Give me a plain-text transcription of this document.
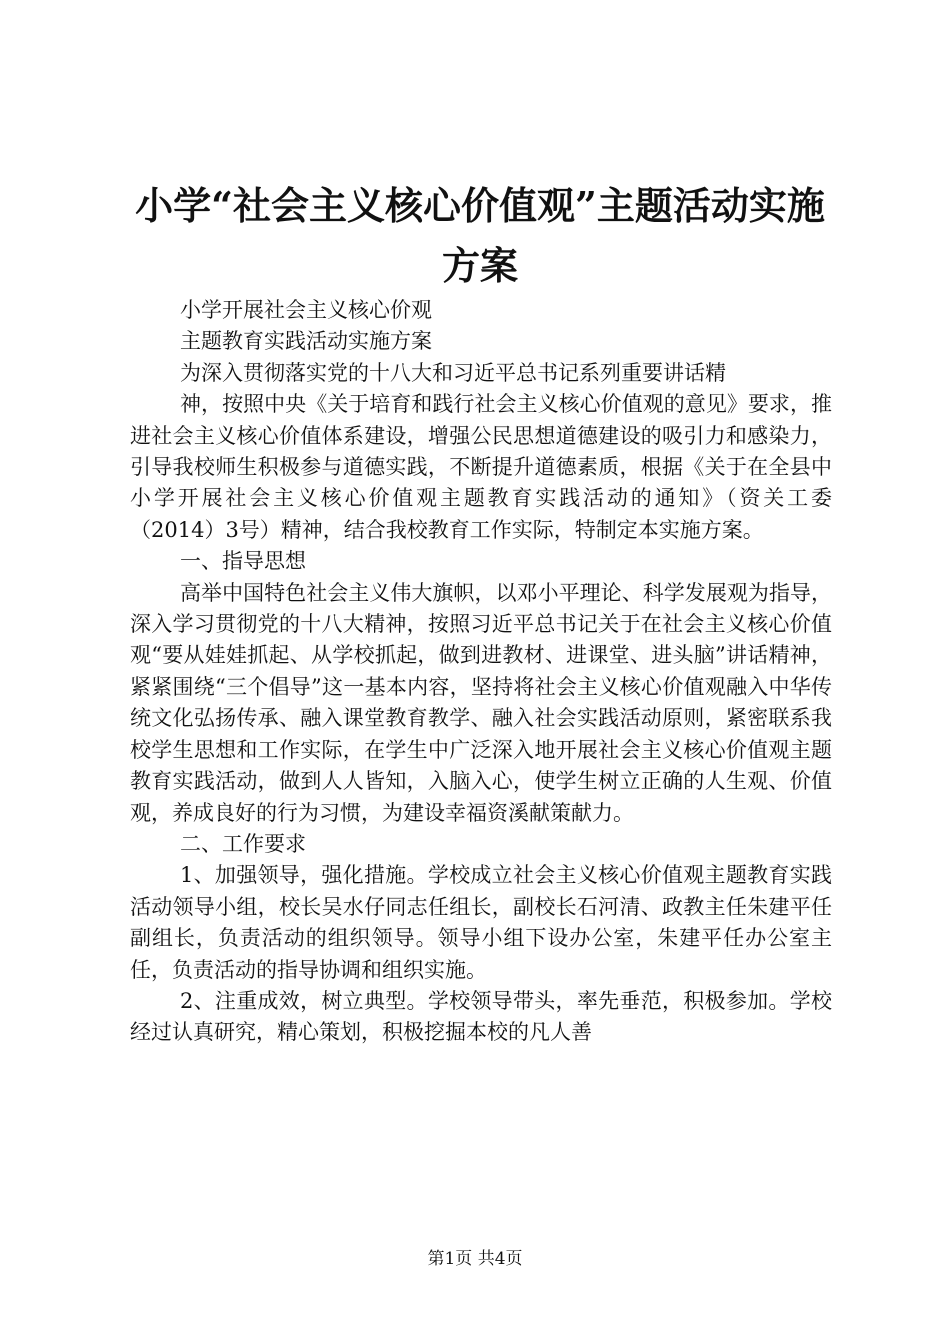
小学“社会主义核心价值观”主题活动实施方案

小学开展社会主义核心价观

主题教育实践活动实施方案

为深入贯彻落实党的十八大和习近平总书记系列重要讲话精

神，按照中央《关于培育和践行社会主义核心价值观的意见》要求，推进社会主义核心价值体系建设，增强公民思想道德建设的吸引力和感染力，引导我校师生积极参与道德实践，不断提升道德素质，根据《关于在全县中小学开展社会主义核心价值观主题教育实践活动的通知》（资关工委（2014）3号）精神，结合我校教育工作实际，特制定本实施方案。

一、指导思想

高举中国特色社会主义伟大旗帜，以邓小平理论、科学发展观为指导，深入学习贯彻党的十八大精神，按照习近平总书记关于在社会主义核心价值观“要从娃娃抓起、从学校抓起，做到进教材、进课堂、进头脑”讲话精神，紧紧围绕“三个倡导”这一基本内容，坚持将社会主义核心价值观融入中华传统文化弘扬传承、融入课堂教育教学、融入社会实践活动原则，紧密联系我校学生思想和工作实际，在学生中广泛深入地开展社会主义核心价值观主题教育实践活动，做到人人皆知，入脑入心，使学生树立正确的人生观、价值观，养成良好的行为习惯，为建设幸福资溪献策献力。

二、工作要求

1、加强领导，强化措施。学校成立社会主义核心价值观主题教育实践活动领导小组，校长吴水仔同志任组长，副校长石河清、政教主任朱建平任副组长，负责活动的组织领导。领导小组下设办公室，朱建平任办公室主任，负责活动的指导协调和组织实施。

2、注重成效，树立典型。学校领导带头，率先垂范，积极参加。学校经过认真研究，精心策划，积极挖掘本校的凡人善

第1页 共4页
